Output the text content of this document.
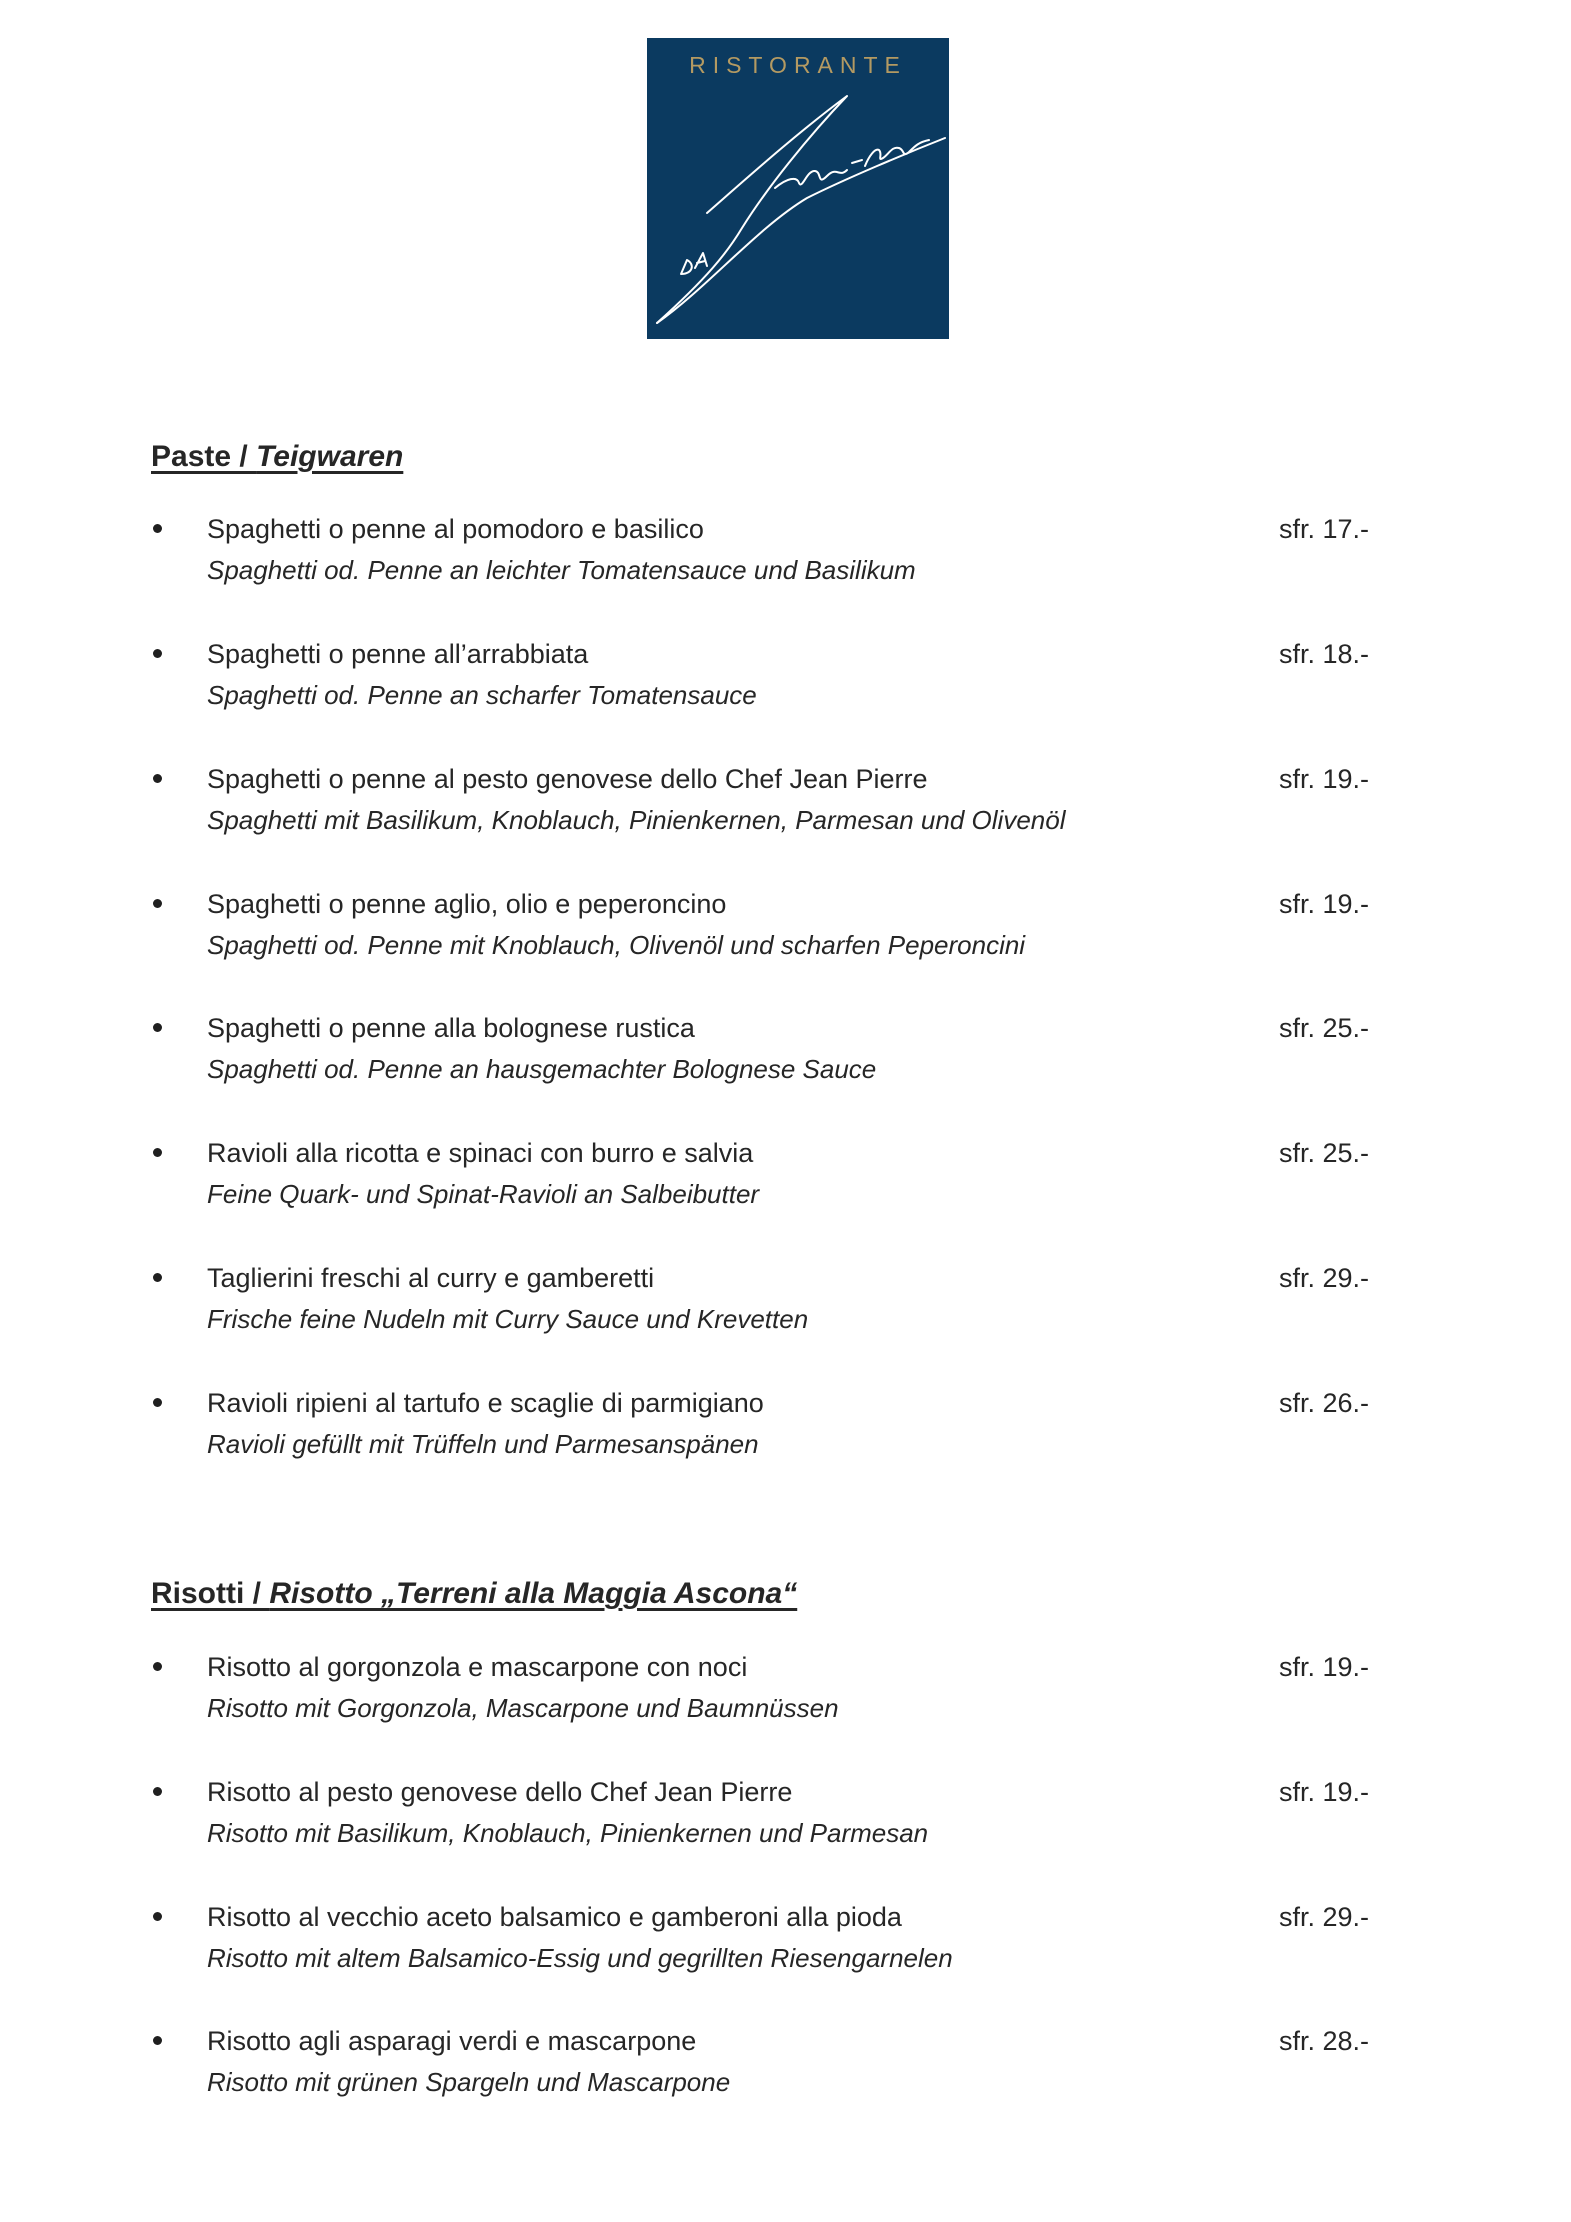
RISTORANTE
Paste / Teigwaren
Spaghetti o penne al pomodoro e basilico
Spaghetti od. Penne an leichter Tomatensauce und Basilikum
sfr. 17.-
Spaghetti o penne all’arrabbiata
Spaghetti od. Penne an scharfer Tomatensauce
sfr. 18.-
Spaghetti o penne al pesto genovese dello Chef Jean Pierre
Spaghetti mit Basilikum, Knoblauch, Pinienkernen, Parmesan und Olivenöl
sfr. 19.-
Spaghetti o penne aglio, olio e peperoncino
Spaghetti od. Penne mit Knoblauch, Olivenöl und scharfen Peperoncini
sfr. 19.-
Spaghetti o penne alla bolognese rustica
Spaghetti od. Penne an hausgemachter Bolognese Sauce
sfr. 25.-
Ravioli alla ricotta e spinaci con burro e salvia
Feine Quark- und Spinat-Ravioli an Salbeibutter
sfr. 25.-
Taglierini freschi al curry e gamberetti
Frische feine Nudeln mit Curry Sauce und Krevetten
sfr. 29.-
Ravioli ripieni al tartufo e scaglie di parmigiano
Ravioli gefüllt mit Trüffeln und Parmesanspänen
sfr. 26.-
Risotti / Risotto „Terreni alla Maggia Ascona“
Risotto al gorgonzola e mascarpone con noci
Risotto mit Gorgonzola, Mascarpone und Baumnüssen
sfr. 19.-
Risotto al pesto genovese dello Chef Jean Pierre
Risotto mit Basilikum, Knoblauch, Pinienkernen und Parmesan
sfr. 19.-
Risotto al vecchio aceto balsamico e gamberoni alla pioda
Risotto mit altem Balsamico-Essig und gegrillten Riesengarnelen
sfr. 29.-
Risotto agli asparagi verdi e mascarpone
Risotto mit grünen Spargeln und Mascarpone
sfr. 28.-
